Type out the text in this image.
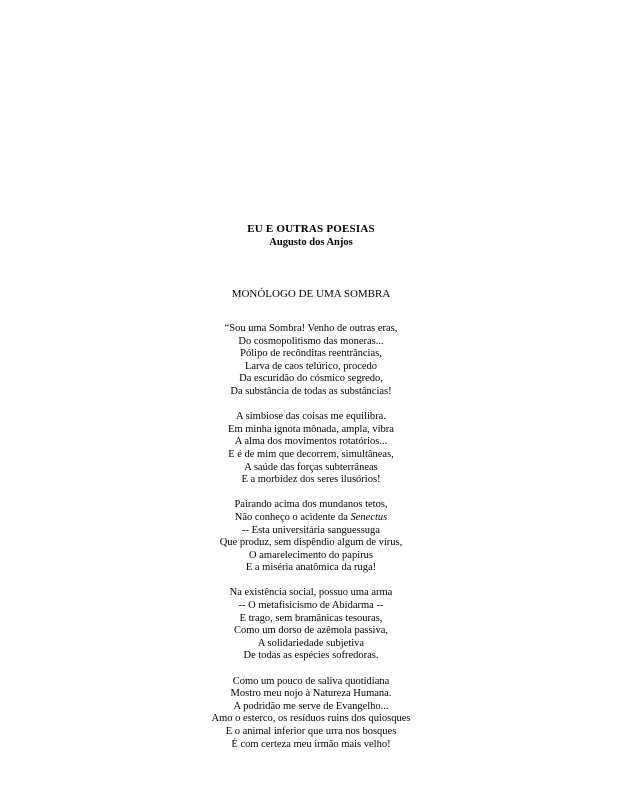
EU E OUTRAS POESIAS
Augusto dos Anjos
MONÓLOGO DE UMA SOMBRA
“Sou uma Sombra! Venho de outras eras,
Do cosmopolitismo das moneras...
Pólipo de recônditas reentrâncias,
Larva de caos telúrico, procedo
Da escuridão do cósmico segredo,
Da substância de todas as substâncias!
A simbiose das coisas me equilibra.
Em minha ignota mônada, ampla, vibra
A alma dos movimentos rotatórios...
E é de mim que decorrem, simultâneas,
A saúde das forças subterrâneas
E a morbidez dos seres ilusórios!
Pairando acima dos mundanos tetos,
Não conheço o acidente da Senectus
-- Esta universitária sanguessuga
Que produz, sem dispêndio algum de vírus,
O amarelecimento do papirus
E a miséria anatômica da ruga!
Na existência social, possuo uma arma
-- O metafisicismo de Abidarma --
E trago, sem bramânicas tesouras,
Como um dorso de azêmola passiva,
A solidariedade subjetiva
De todas as espécies sofredoras.
Como um pouco de saliva quotidiana
Mostro meu nojo à Natureza Humana.
A podridão me serve de Evangelho...
Amo o esterco, os resíduos ruins dos quiosques
E o animal inferior que urra nos bosques
É com certeza meu irmão mais velho!
